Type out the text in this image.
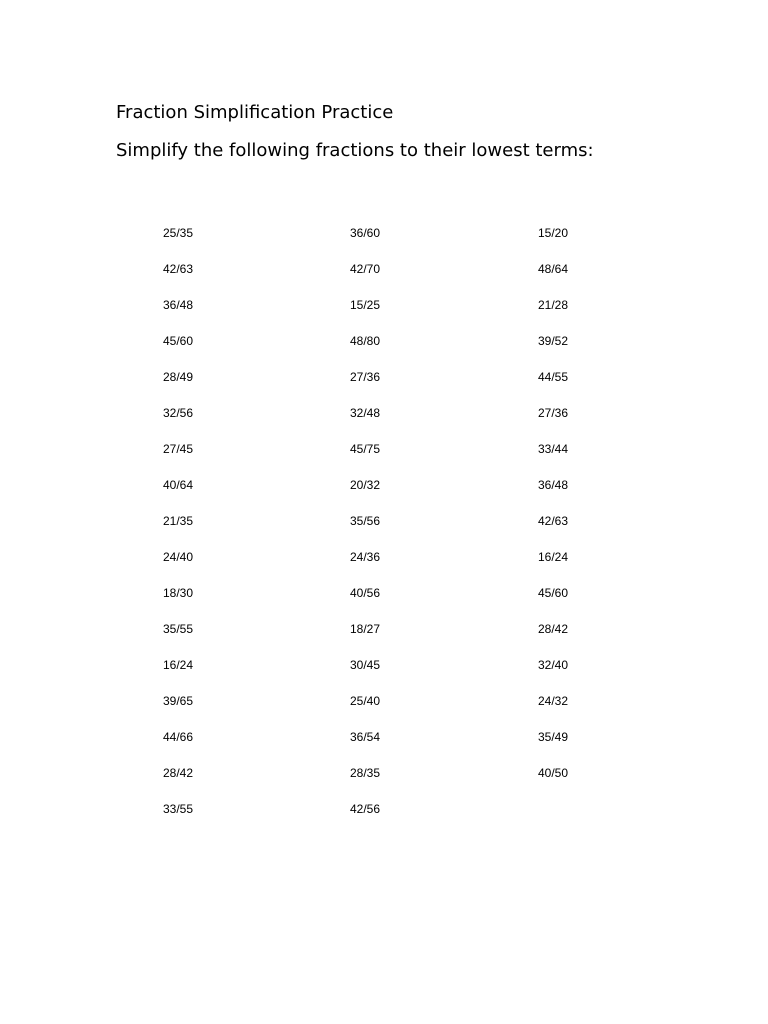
Fraction Simplification Practice

Simplify the following fractions to their lowest terms:

25/35
42/63
36/48
45/60
28/49
32/56
27/45
40/64
21/35
24/40
18/30
35/55
16/24
39/65
44/66
28/42
33/55
36/60
42/70
15/25
48/80
27/36
32/48
45/75
20/32
35/56
24/36
40/56
18/27
30/45
25/40
36/54
28/35
42/56
15/20
48/64
21/28
39/52
44/55
27/36
33/44
36/48
42/63
16/24
45/60
28/42
32/40
24/32
35/49
40/50
